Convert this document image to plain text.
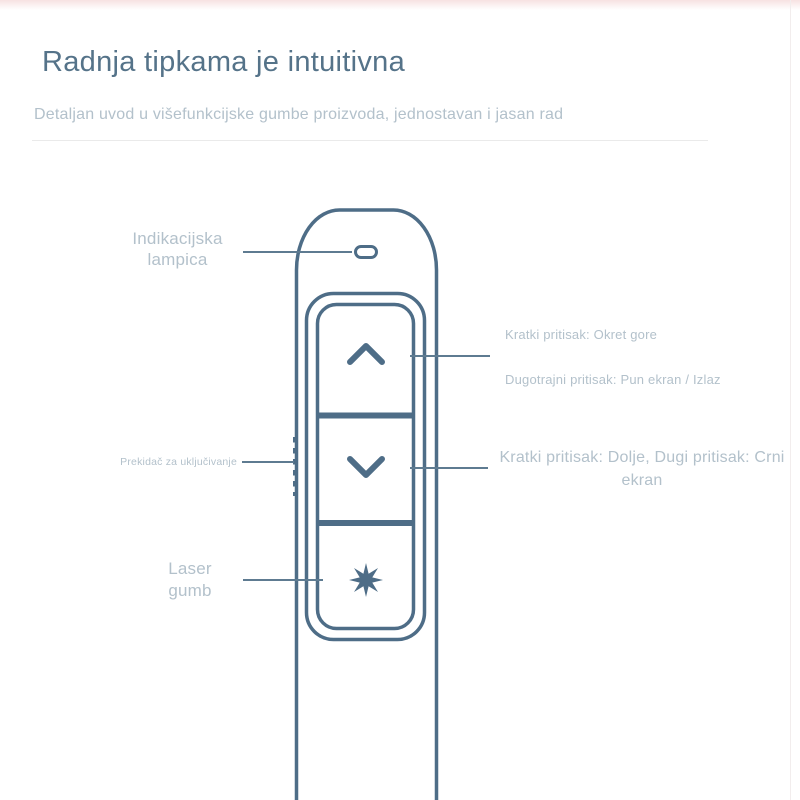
Radnja tipkama je intuitivna
Detaljan uvod u višefunkcijske gumbe proizvoda, jednostavan i jasan rad
Indikacijska lampica
Kratki pritisak: Okret gore
Dugotrajni pritisak: Pun ekran / Izlaz
Prekidač za uključivanje	Kratki pritisak: Dolje, Dugi pritisak: Crni ekran
Laser gumb
